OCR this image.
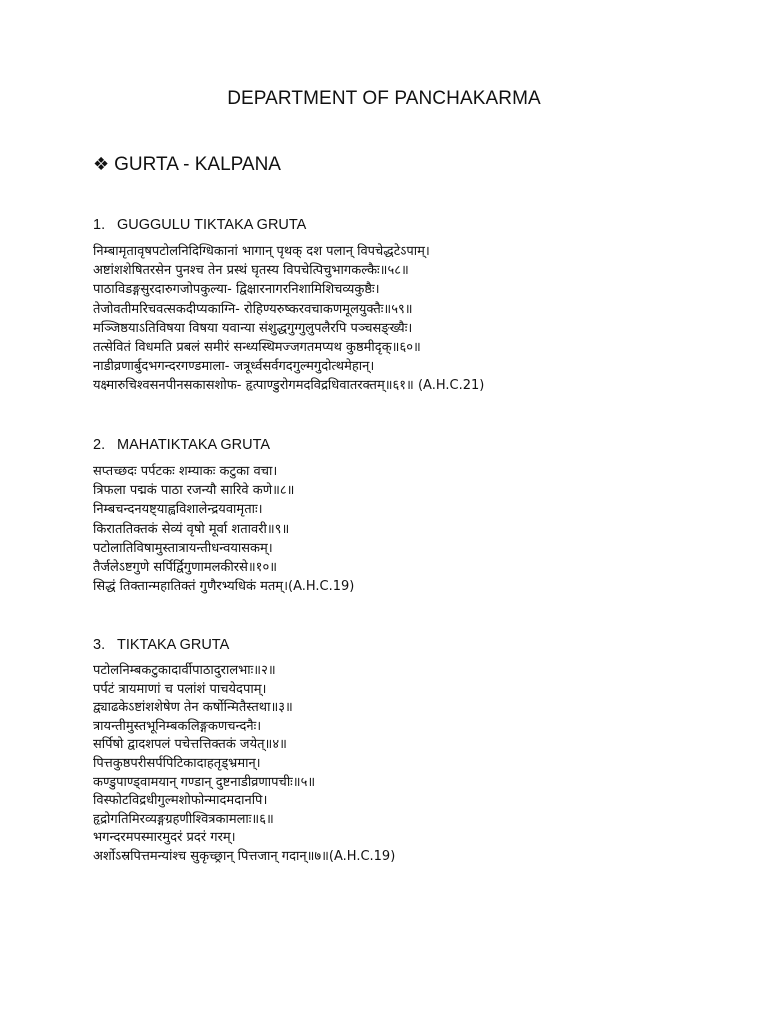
DEPARTMENT OF PANCHAKARMA
❖ GURTA - KALPANA
1. GUGGULU TIKTAKA GRUTA
निम्बामृतावृषपटोलनिदिग्धिकानां भागान् पृथक् दश पलान् विपचेद्धटेऽपाम्।
अष्टांशशेषितरसेन पुनश्च तेन प्रस्थं घृतस्य विपचेत्पिचुभागकल्कैः॥५८॥
पाठाविडङ्गसुरदारुगजोपकुल्या- द्विक्षारनागरनिशामिशिचव्यकुष्ठैः।
तेजोवतीमरिचवत्सकदीप्यकाग्नि- रोहिण्यरुष्करवचाकणमूलयुक्तैः॥५९॥
मञ्जिष्ठयाऽतिविषया विषया यवान्या संशुद्धगुग्गुलुपलैरपि पञ्चसङ्ख्यैः।
तत्सेवितं विधमति प्रबलं समीरं सन्ध्यस्थिमज्जगतमप्यथ कुष्ठमीदृक्॥६०॥
नाडीव्रणार्बुदभगन्दरगण्डमाला- जत्रूर्ध्वसर्वगदगुल्मगुदोत्थमेहान्।
यक्ष्मारुचिश्वसनपीनसकासशोफ- हृत्पाण्डुरोगमदविद्रधिवातरक्तम्॥६१॥ (A.H.C.21)
2. MAHATIKTAKA GRUTA
सप्तच्छदः पर्पटकः शम्याकः कटुका वचा।
त्रिफला पद्मकं पाठा रजन्यौ सारिवे कणे॥८॥
निम्बचन्दनयष्ट्याह्वविशालेन्द्रयवामृताः।
किराततिक्तकं सेव्यं वृषो मूर्वा शतावरी॥९॥
पटोलातिविषामुस्तात्रायन्तीधन्वयासकम्।
तैर्जलेऽष्टगुणे सर्पिर्द्विगुणामलकीरसे॥१०॥
सिद्धं तिक्तान्महातिक्तं गुणैरभ्यधिकं मतम्।(A.H.C.19)
3. TIKTAKA GRUTA
पटोलनिम्बकटुकादार्वीपाठादुरालभाः॥२॥
पर्पटं त्रायमाणां च पलांशं पाचयेदपाम्।
द्व्याढकेऽष्टांशशेषेण तेन कर्षोन्मितैस्तथा॥३॥
त्रायन्तीमुस्तभूनिम्बकलिङ्गकणचन्दनैः।
सर्पिषो द्वादशपलं पचेत्तत्तिक्तकं जयेत्॥४॥
पित्तकुष्ठपरीसर्पपिटिकादाहतृड्भ्रमान्।
कण्डुपाण्ड्वामयान् गण्डान् दुष्टनाडीव्रणापचीः॥५॥
विस्फोटविद्रधीगुल्मशोफोन्मादमदानपि।
हृद्रोगतिमिरव्यङ्गग्रहणीश्वित्रकामलाः॥६॥
भगन्दरमपस्मारमुदरं प्रदरं गरम्।
अर्शोऽस्रपित्तमन्यांश्च सुकृच्छ्रान् पित्तजान् गदान्॥७॥(A.H.C.19)
